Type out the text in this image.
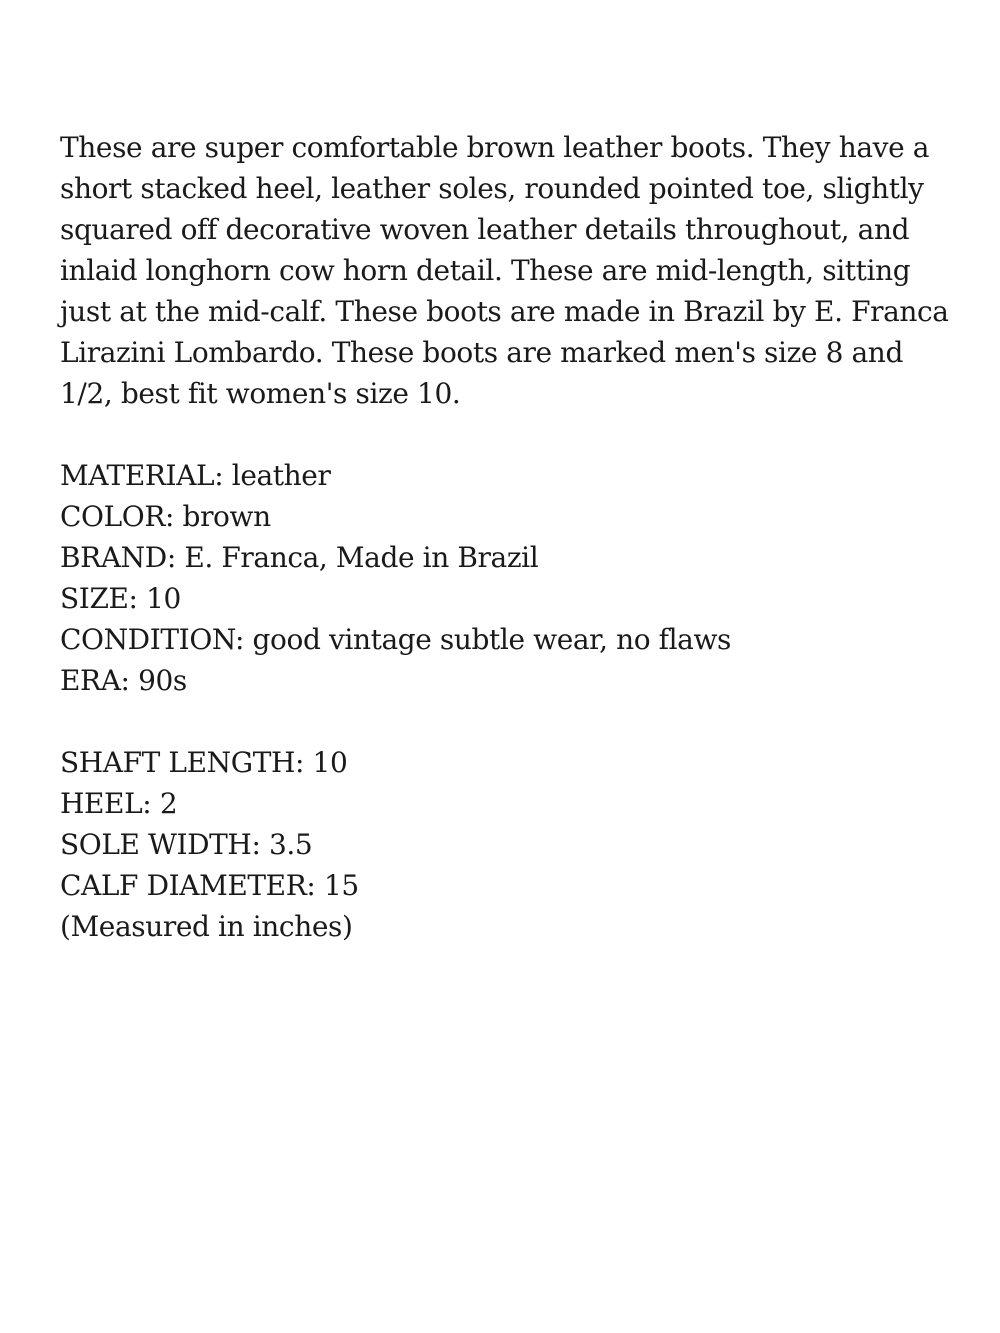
These are super comfortable brown leather boots. They have a
short stacked heel, leather soles, rounded pointed toe, slightly
squared off decorative woven leather details throughout, and
inlaid longhorn cow horn detail. These are mid-length, sitting
just at the mid-calf. These boots are made in Brazil by E. Franca
Lirazini Lombardo. These boots are marked men's size 8 and
1/2, best fit women's size 10.
MATERIAL: leather
COLOR: brown
BRAND: E. Franca, Made in Brazil
SIZE: 10
CONDITION: good vintage subtle wear, no flaws
ERA: 90s
SHAFT LENGTH: 10
HEEL: 2
SOLE WIDTH: 3.5
CALF DIAMETER: 15
(Measured in inches)
